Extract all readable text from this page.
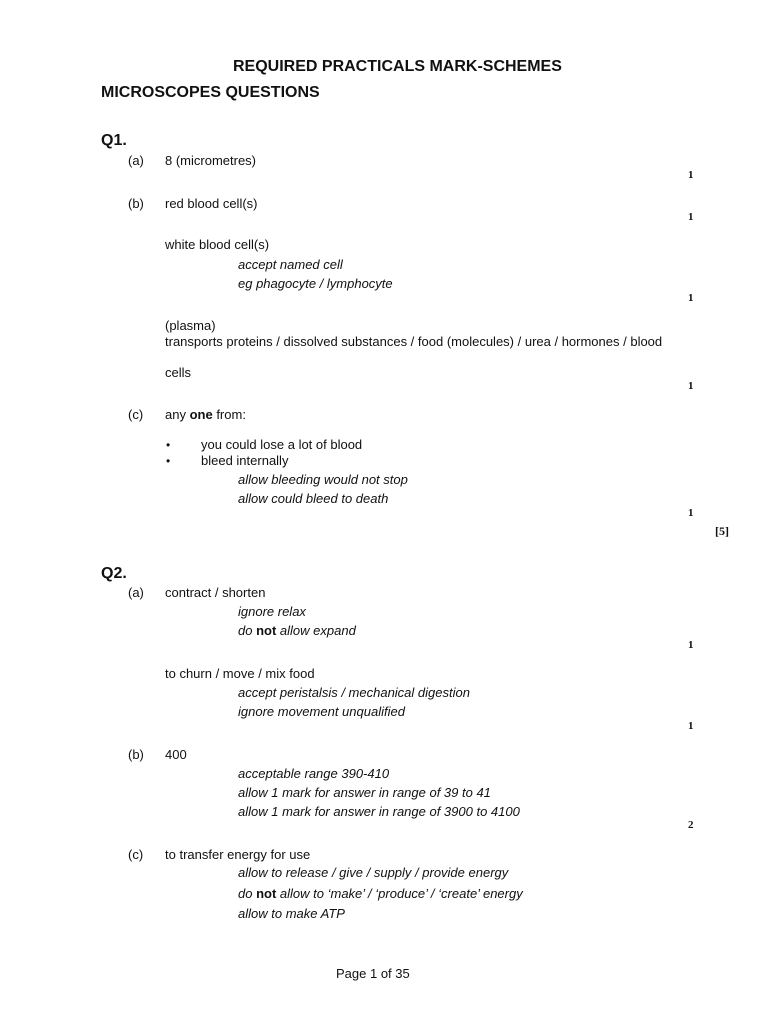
REQUIRED PRACTICALS MARK-SCHEMES
MICROSCOPES QUESTIONS
Q1.
(a) 8 (micrometres)
1
(b) red blood cell(s)
1
white blood cell(s)
accept named cell
eg phagocyte / lymphocyte
1
(plasma)
transports proteins / dissolved substances / food (molecules) / urea / hormones / blood
cells
1
(c) any one from:
• you could lose a lot of blood
• bleed internally
allow bleeding would not stop
allow could bleed to death
1
[5]
Q2.
(a) contract / shorten
ignore relax
do not allow expand
1
to churn / move / mix food
accept peristalsis / mechanical digestion
ignore movement unqualified
1
(b) 400
acceptable range 390-410
allow 1 mark for answer in range of 39 to 41
allow 1 mark for answer in range of 3900 to 4100
2
(c) to transfer energy for use
allow to release / give / supply / provide energy
do not allow to ‘make’ / ‘produce’ / ‘create’ energy
allow to make ATP
Page 1 of 35
